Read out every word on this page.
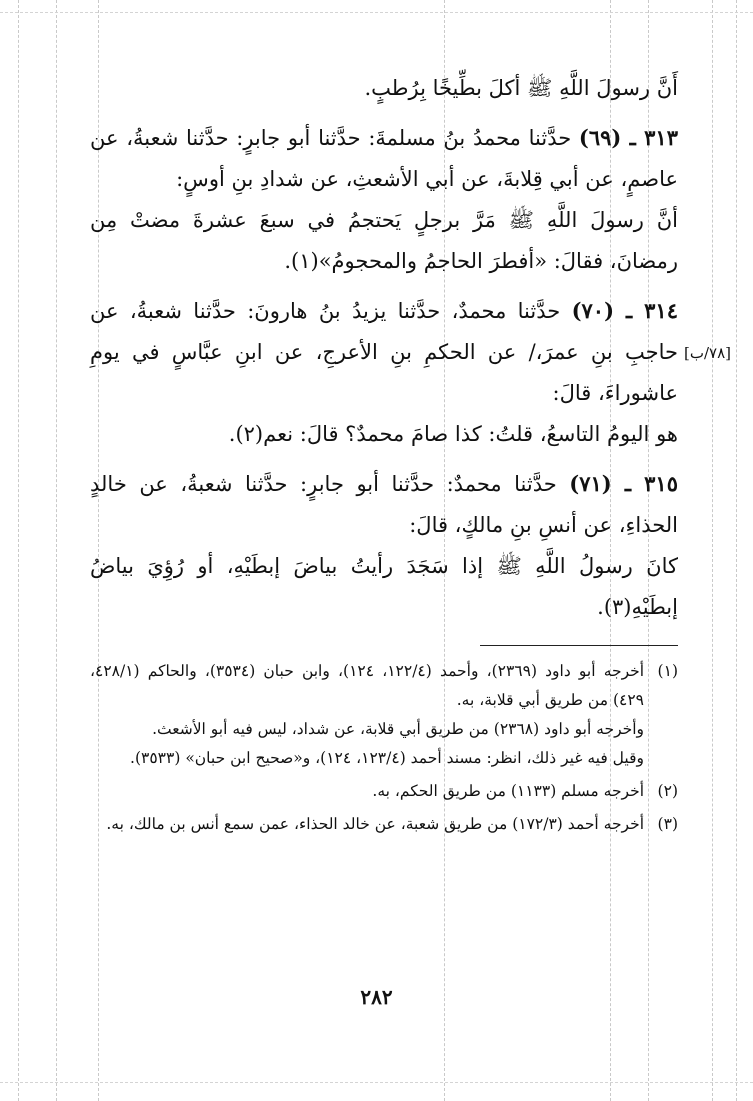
أَنَّ رسولَ اللَّهِ ﷺ أكلَ بطِّيخًا بِرُطبٍ.

٣١٣ ـ (٦٩) حدَّثنا محمدُ بنُ مسلمةَ: حدَّثنا أبو جابرٍ: حدَّثنا شعبةُ، عن عاصمٍ، عن أبي قِلابةَ، عن أبي الأشعثِ، عن شدادِ بنِ أوسٍ:

أنَّ رسولَ اللَّهِ ﷺ مَرَّ برجلٍ يَحتجمُ في سبعَ عشرةَ مضتْ مِن رمضانَ، فقالَ: «أفطرَ الحاجمُ والمحجومُ»(١).

٣١٤ ـ (٧٠) حدَّثنا محمدٌ، حدَّثنا يزيدُ بنُ هارونَ: حدَّثنا شعبةُ، عن حاجبِ بنِ عمرَ،/ عن الحكمِ بنِ الأعرجِ، عن ابنِ عبَّاسٍ في يومِ عاشوراءَ، قالَ:

هو اليومُ التاسعُ، قلتُ: كذا صامَ محمدٌ؟ قالَ: نعم(٢).

٣١٥ ـ (٧١) حدَّثنا محمدٌ: حدَّثنا أبو جابرٍ: حدَّثنا شعبةُ، عن خالدٍ الحذاءِ، عن أنسِ بنِ مالكٍ، قالَ:

كانَ رسولُ اللَّهِ ﷺ إذا سَجَدَ رأيتُ بياضَ إبطَيْهِ، أو رُؤِيَ بياضُ إبطَيْهِ(٣).

[٧٨/ب]
(١)

أخرجه أبو داود (٢٣٦٩)، وأحمد (١٢٢/٤، ١٢٤)، وابن حبان (٣٥٣٤)، والحاكم (٤٢٨/١، ٤٢٩) من طريق أبي قلابة، به.

وأخرجه أبو داود (٢٣٦٨) من طريق أبي قلابة، عن شداد، ليس فيه أبو الأشعث.

وقيل فيه غير ذلك، انظر: مسند أحمد (١٢٣/٤، ١٢٤)، و«صحيح ابن حبان» (٣٥٣٣).

(٢)

أخرجه مسلم (١١٣٣) من طريق الحكم، به.

(٣)

أخرجه أحمد (١٧٢/٣) من طريق شعبة، عن خالد الحذاء، عمن سمع أنس بن مالك، به.

٢٨٢
